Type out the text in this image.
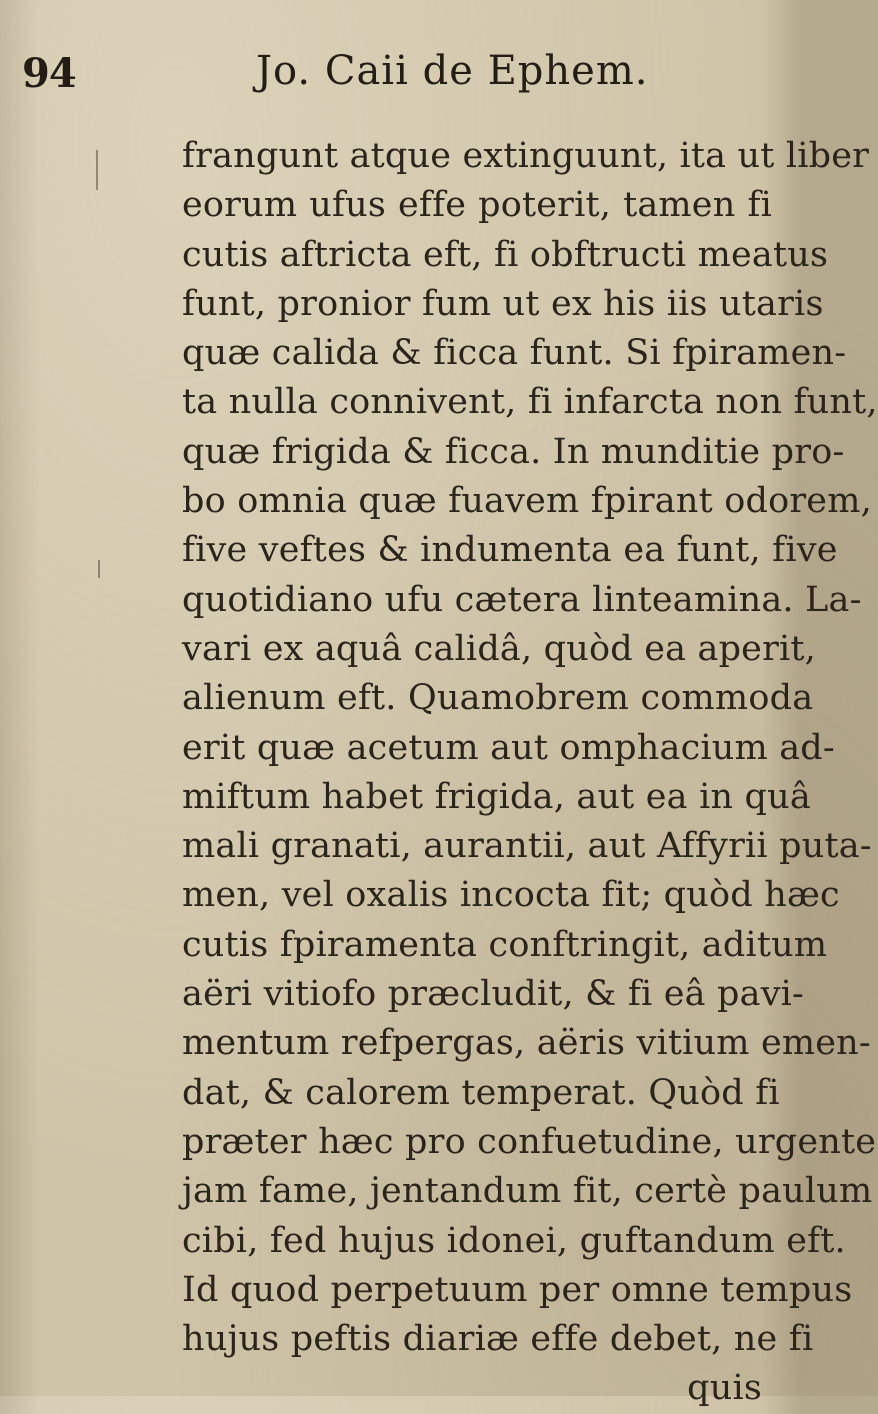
94	Jo. Caii de Ephem.
frangunt atque extinguunt, ita ut liber
eorum ufus effe poterit, tamen fi
cutis aftricta eft, fi obftructi meatus
funt, pronior fum ut ex his iis utaris
quæ calida & ficca funt. Si fpiramen-
ta nulla connivent, fi infarcta non funt,
quæ frigida & ficca. In munditie pro-
bo omnia quæ fuavem fpirant odorem,
five veftes & indumenta ea funt, five
quotidiano ufu cætera linteamina. La-
vari ex aquâ calidâ, quòd ea aperit,
alienum eft. Quamobrem commoda
erit quæ acetum aut omphacium ad-
miftum habet frigida, aut ea in quâ
mali granati, aurantii, aut Affyrii puta-
men, vel oxalis incocta fit; quòd hæc
cutis fpiramenta conftringit, aditum
aëri vitiofo præcludit, & fi eâ pavi-
mentum refpergas, aëris vitium emen-
dat, & calorem temperat. Quòd fi
præter hæc pro confuetudine, urgente
jam fame, jentandum fit, certè paulum
cibi, fed hujus idonei, guftandum eft.
Id quod perpetuum per omne tempus
hujus peftis diariæ effe debet, ne fi
quis
